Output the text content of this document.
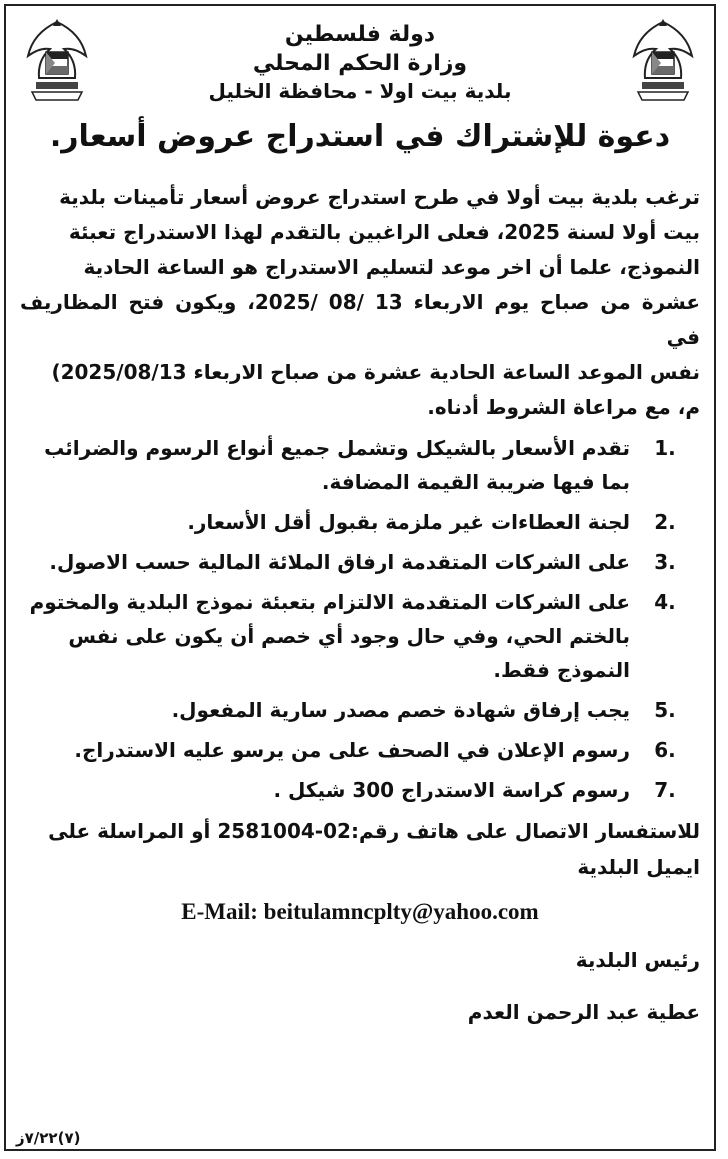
دولة فلسطين
وزارة الحكم المحلي
بلدية بيت اولا - محافظة الخليل
دعوة للإشتراك في استدراج عروض أسعار.
ترغب بلدية بيت أولا في طرح استدراج عروض أسعار تأمينات بلدية
بيت أولا لسنة 2025، فعلى الراغبين بالتقدم لهذا الاستدراج تعبئة
النموذج، علما أن اخر موعد لتسليم الاستدراج هو الساعة الحادية
عشرة من صباح يوم الاربعاء 13 /08 /2025، ويكون فتح المظاريف في
نفس الموعد الساعة الحادية عشرة من صباح الاربعاء 2025/08/13)
م، مع مراعاة الشروط أدناه.
1.
تقدم الأسعار بالشيكل وتشمل جميع أنواع الرسوم والضرائب بما فيها ضريبة القيمة المضافة.
2.
لجنة العطاءات غير ملزمة بقبول أقل الأسعار.
3.
على الشركات المتقدمة ارفاق الملائة المالية حسب الاصول.
4.
على الشركات المتقدمة الالتزام بتعبئة نموذج البلدية والمختوم بالختم الحي، وفي حال وجود أي خصم أن يكون على نفس النموذج فقط.
5.
يجب إرفاق شهادة خصم مصدر سارية المفعول.
6.
رسوم الإعلان في الصحف على من يرسو عليه الاستدراج.
7.
رسوم كراسة الاستدراج 300 شيكل .
للاستفسار الاتصال على هاتف رقم:02-2581004 أو المراسلة على
ايميل البلدية
E-Mail: beitulamncplty@yahoo.com
رئيس البلدية
عطية عبد الرحمن العدم
(٧)٧/٢٢ز
